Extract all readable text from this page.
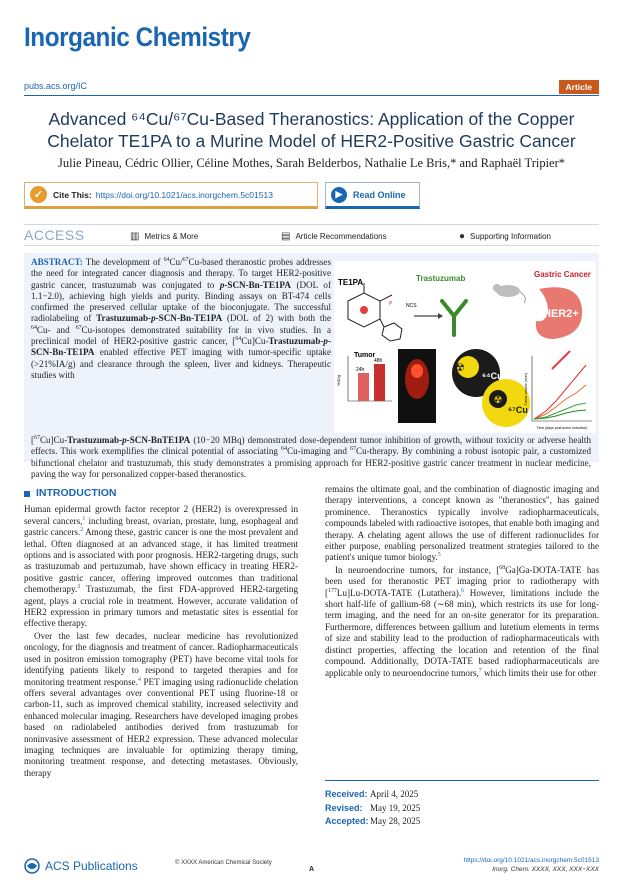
Inorganic Chemistry
pubs.acs.org/IC	Article
Advanced ⁶⁴Cu/⁶⁷Cu-Based Theranostics: Application of the Copper Chelator TE1PA to a Murine Model of HER2-Positive Gastric Cancer
Julie Pineau, Cédric Ollier, Céline Mothes, Sarah Belderbos, Nathalie Le Bris,* and Raphaël Tripier*
✓	Cite This: https://doi.org/10.1021/acs.inorgchem.5c01513	▶	Read Online
ACCESS	▥ Metrics & More	▤ Article Recommendations	● Supporting Information
ABSTRACT: The development of $^{64}$Cu/$^{67}$Cu-based theranostic probes addresses the need for integrated cancer diagnosis and therapy. To target HER2-positive gastric cancer, trastuzumab was conjugated to p-SCN-Bn-TE1PA (DOL of 1.1−2.0), achieving high yields and purity. Binding assays on BT-474 cells confirmed the preserved cellular uptake of the bioconjugate. The successful radiolabeling of Trastuzumab-p-SCN-Bn-TE1PA (DOL of 2) with both the $^{64}$Cu- and $^{67}$Cu-isotopes demonstrated suitability for in vivo studies. In a preclinical model of HER2-positive gastric cancer, [$^{64}$Cu]Cu-Trastuzumab-p-SCN-Bn-TE1PA enabled effective PET imaging with tumor-specific uptake (>21%IA/g) and clearance through the spleen, liver and kidneys. Therapeutic studies with
[$^{67}$Cu]Cu-Trastuzumab-p-SCN-BnTE1PA (10−20 MBq) demonstrated dose-dependent tumor inhibition of growth, without toxicity or adverse health effects. This work exemplifies the clinical potential of associating $^{64}$Cu-imaging and $^{67}$Cu-therapy. By combining a robust isotopic pair, a customized bifunctional chelator and trastuzumab, this study demonstrates a promising approach for HER2-positive gastric cancer treatment in nuclear medicine, paving the way for personalized copper-based theranostics.
TE1PA
P	NCS
Trastuzumab	Gastric Cancer
HER2+
Tumor
24h
48h
%ID/g
☢
⁶⁴Cu
☢
⁶⁷Cu
Time (days post tumor induction)
Tumor volume (mm³)
INTRODUCTION

Human epidermal growth factor receptor 2 (HER2) is overexpressed in several cancers,$^1$ including breast, ovarian, prostate, lung, esophageal and gastric cancers.$^2$ Among these, gastric cancer is one the most prevalent and lethal. Often diagnosed at an advanced stage, it has limited treatment options and is associated with poor prognosis. HER2-targeting drugs, such as trastuzumab and pertuzumab, have shown efficacy in treating HER2-positive gastric cancer, offering improved outcomes than traditional chemotherapy.$^3$ Trastuzumab, the first FDA-approved HER2-targeting agent, plays a crucial role in treatment. However, accurate validation of HER2 expression in primary tumors and metastatic sites is essential for effective therapy.

Over the last few decades, nuclear medicine has revolutionized oncology, for the diagnosis and treatment of cancer. Radiopharmaceuticals used in positron emission tomography (PET) have become vital tools for identifying patients likely to respond to targeted therapies and for monitoring treatment response.$^4$ PET imaging using radionuclide chelation offers several advantages over conventional PET using fluorine-18 or carbon-11, such as improved chemical stability, increased selectivity and enhanced molecular imaging. Researchers have developed imaging probes based on radiolabeled antibodies derived from trastuzumab for noninvasive assessment of HER2 expression. These advanced molecular imaging techniques are invaluable for optimizing therapy timing, monitoring treatment response, and detecting metastases. Obviously, therapy

remains the ultimate goal, and the combination of diagnostic imaging and therapy interventions, a concept known as "theranostics", has gained prominence. Theranostics typically involve radiopharmaceuticals, compounds labeled with radioactive isotopes, that enable both imaging and therapy. A chelating agent allows the use of different radionuclides for either purpose, enabling personalized treatment strategies tailored to the patient's unique tumor biology.$^5$

In neuroendocrine tumors, for instance, [$^{68}$Ga]Ga-DOTA-TATE has been used for theranostic PET imaging prior to radiotherapy with [$^{177}$Lu]Lu-DOTA-TATE (Lutathera).$^6$ However, limitations include the short half-life of gallium-68 (∼68 min), which restricts its use for long-term imaging, and the need for an on-site generator for its preparation. Furthermore, differences between gallium and lutetium elements in terms of size and stability lead to the production of radiopharmaceuticals with distinct properties, affecting the location and retention of the final compound. Additionally, DOTA-TATE based radiopharmaceuticals are applicable only to neuroendocrine tumors,$^7$ which limits their use for other

Received: April 4, 2025
Revised: May 19, 2025
Accepted:May 28, 2025
ACS Publications	© XXXX American Chemical Society
A
https://doi.org/10.1021/acs.inorgchem.5c01513
Inorg. Chem. XXXX, XXX, XXX−XXX
